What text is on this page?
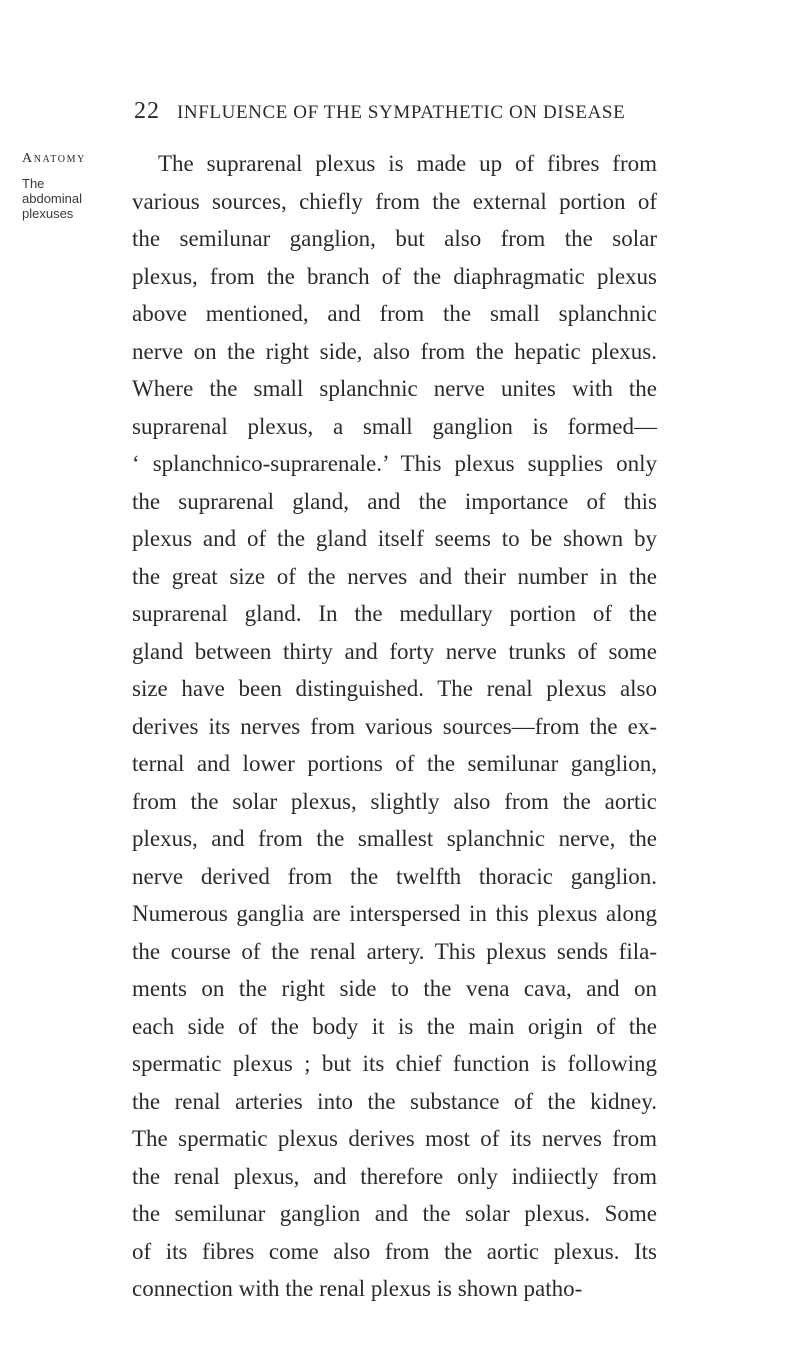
22 INFLUENCE OF THE SYMPATHETIC ON DISEASE
Anatomy
The
abdominal
plexuses
The suprarenal plexus is made up of fibres from
various sources, chiefly from the external portion of
the semilunar ganglion, but also from the solar
plexus, from the branch of the diaphragmatic plexus
above mentioned, and from the small splanchnic
nerve on the right side, also from the hepatic plexus.
Where the small splanchnic nerve unites with the
suprarenal plexus, a small ganglion is formed—
‘ splanchnico-suprarenale.’ This plexus supplies only
the suprarenal gland, and the importance of this
plexus and of the gland itself seems to be shown by
the great size of the nerves and their number in the
suprarenal gland. In the medullary portion of the
gland between thirty and forty nerve trunks of some
size have been distinguished. The renal plexus also
derives its nerves from various sources—from the ex-
ternal and lower portions of the semilunar ganglion,
from the solar plexus, slightly also from the aortic
plexus, and from the smallest splanchnic nerve, the
nerve derived from the twelfth thoracic ganglion.
Numerous ganglia are interspersed in this plexus along
the course of the renal artery. This plexus sends fila-
ments on the right side to the vena cava, and on
each side of the body it is the main origin of the
spermatic plexus ; but its chief function is following
the renal arteries into the substance of the kidney.
The spermatic plexus derives most of its nerves from
the renal plexus, and therefore only indiiectly from
the semilunar ganglion and the solar plexus. Some
of its fibres come also from the aortic plexus. Its
connection with the renal plexus is shown patho-
